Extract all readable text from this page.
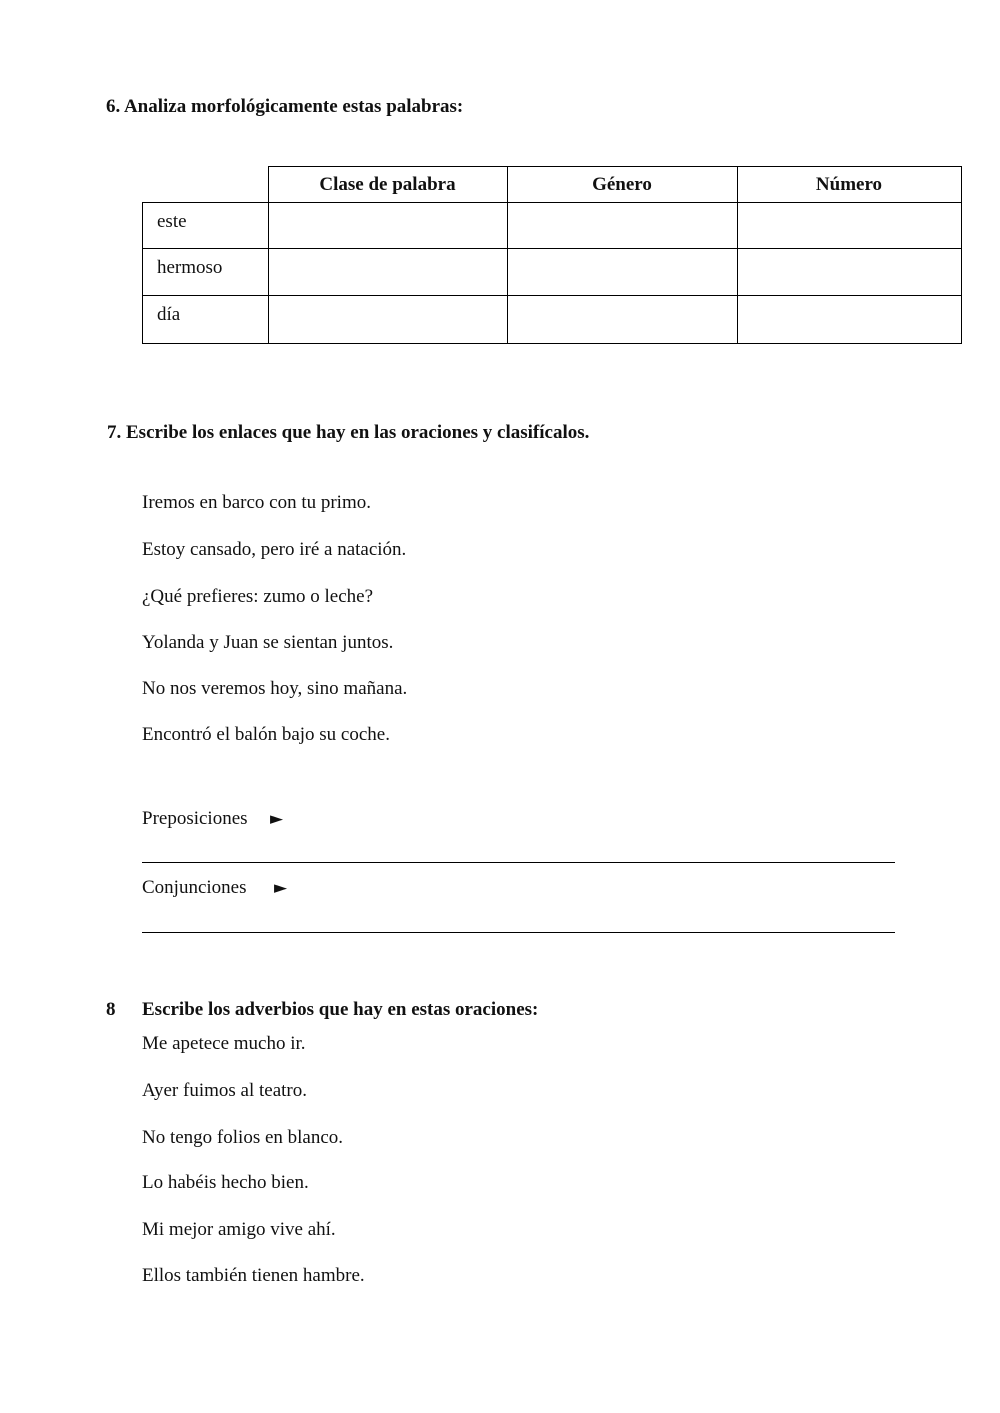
6. Analiza morfológicamente estas palabras:
	Clase de palabra	Género	Número
este			
hermoso			
día			
7. Escribe los enlaces que hay en las oraciones y clasifícalos.
Iremos en barco con tu primo.
Estoy cansado, pero iré a natación.
¿Qué prefieres: zumo o leche?
Yolanda y Juan se sientan juntos.
No nos veremos hoy, sino mañana.
Encontró el balón bajo su coche.
Preposiciones ►
Conjunciones ►
8 Escribe los adverbios que hay en estas oraciones:
Me apetece mucho ir.
Ayer fuimos al teatro.
No tengo folios en blanco.
Lo habéis hecho bien.
Mi mejor amigo vive ahí.
Ellos también tienen hambre.
